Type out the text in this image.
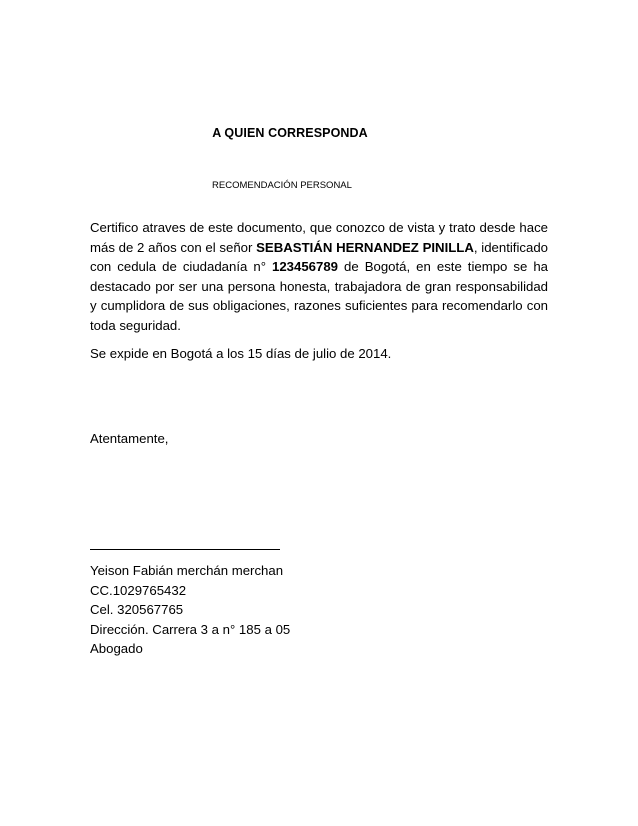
A QUIEN CORRESPONDA
RECOMENDACIÓN PERSONAL
Certifico atraves de este documento, que conozco de vista y trato desde hace más de 2 años con el señor SEBASTIÁN HERNANDEZ PINILLA, identificado con cedula de ciudadanía n° 123456789 de Bogotá, en este tiempo se ha destacado por ser una persona honesta, trabajadora de gran responsabilidad y cumplidora de sus obligaciones, razones suficientes para recomendarlo con toda seguridad.
Se expide en Bogotá a los 15 días de julio de 2014.
Atentamente,
Yeison Fabián merchán merchan
CC.1029765432
Cel. 320567765
Dirección. Carrera 3 a n° 185 a 05
Abogado
